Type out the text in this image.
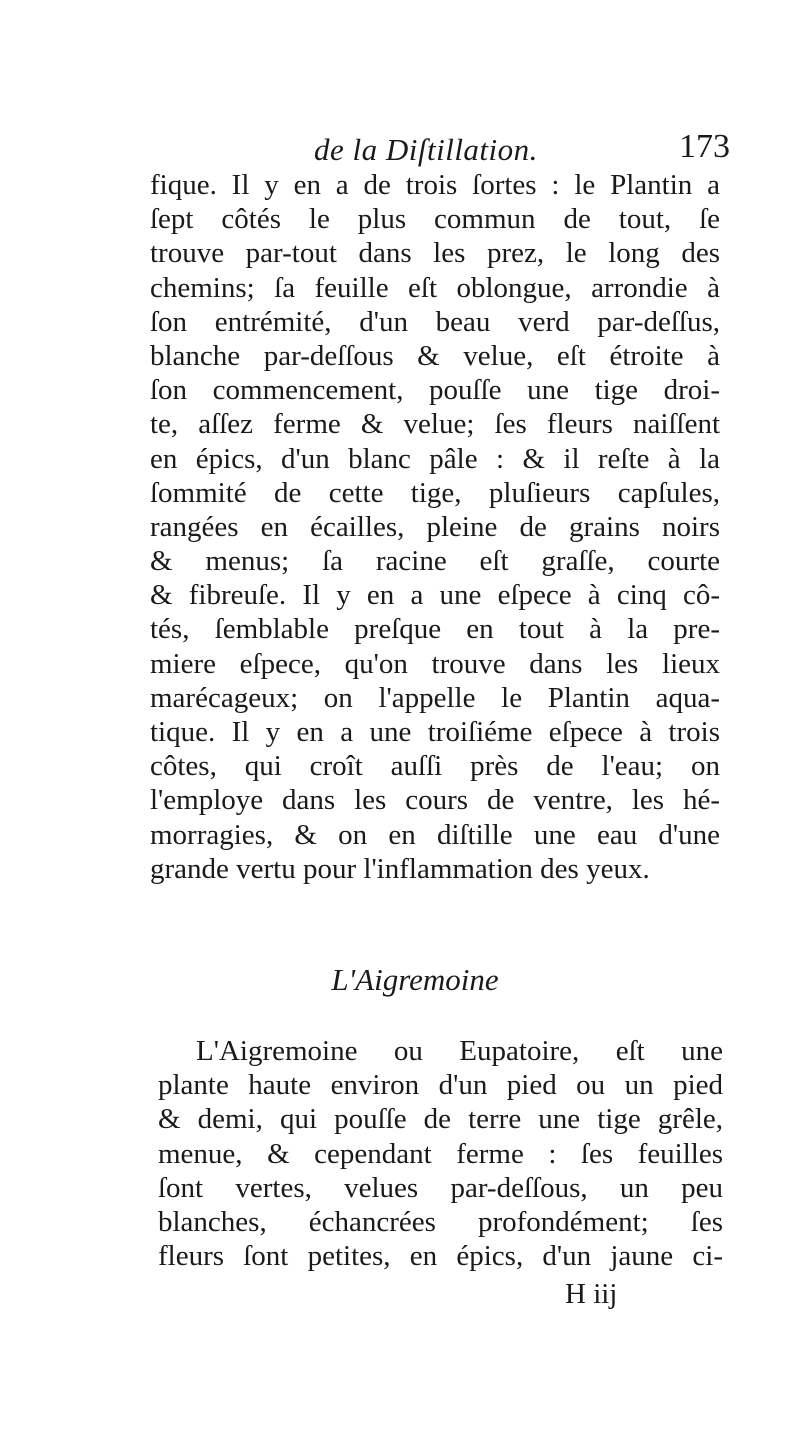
de la Diſtillation.	173
fique. Il y en a de trois ſortes : le Plantin a
ſept côtés le plus commun de tout, ſe
trouve par-tout dans les prez, le long des
chemins; ſa feuille eſt oblongue, arrondie à
ſon entrémité, d'un beau verd par-deſſus,
blanche par-deſſous & velue, eſt étroite à
ſon commencement, pouſſe une tige droi-
te, aſſez ferme & velue; ſes fleurs naiſſent
en épics, d'un blanc pâle : & il reſte à la
ſommité de cette tige, pluſieurs capſules,
rangées en écailles, pleine de grains noirs
& menus; ſa racine eſt graſſe, courte
& fibreuſe. Il y en a une eſpece à cinq cô-
tés, ſemblable preſque en tout à la pre-
miere eſpece, qu'on trouve dans les lieux
marécageux; on l'appelle le Plantin aqua-
tique. Il y en a une troiſiéme eſpece à trois
côtes, qui croît auſſi près de l'eau; on
l'employe dans les cours de ventre, les hé-
morragies, & on en diſtille une eau d'une
grande vertu pour l'inflammation des yeux.
L'Aigremoine
L'Aigremoine ou Eupatoire, eſt une
plante haute environ d'un pied ou un pied
& demi, qui pouſſe de terre une tige grêle,
menue, & cependant ferme : ſes feuilles
ſont vertes, velues par-deſſous, un peu
blanches, échancrées profondément; ſes
fleurs ſont petites, en épics, d'un jaune ci-
H iij
